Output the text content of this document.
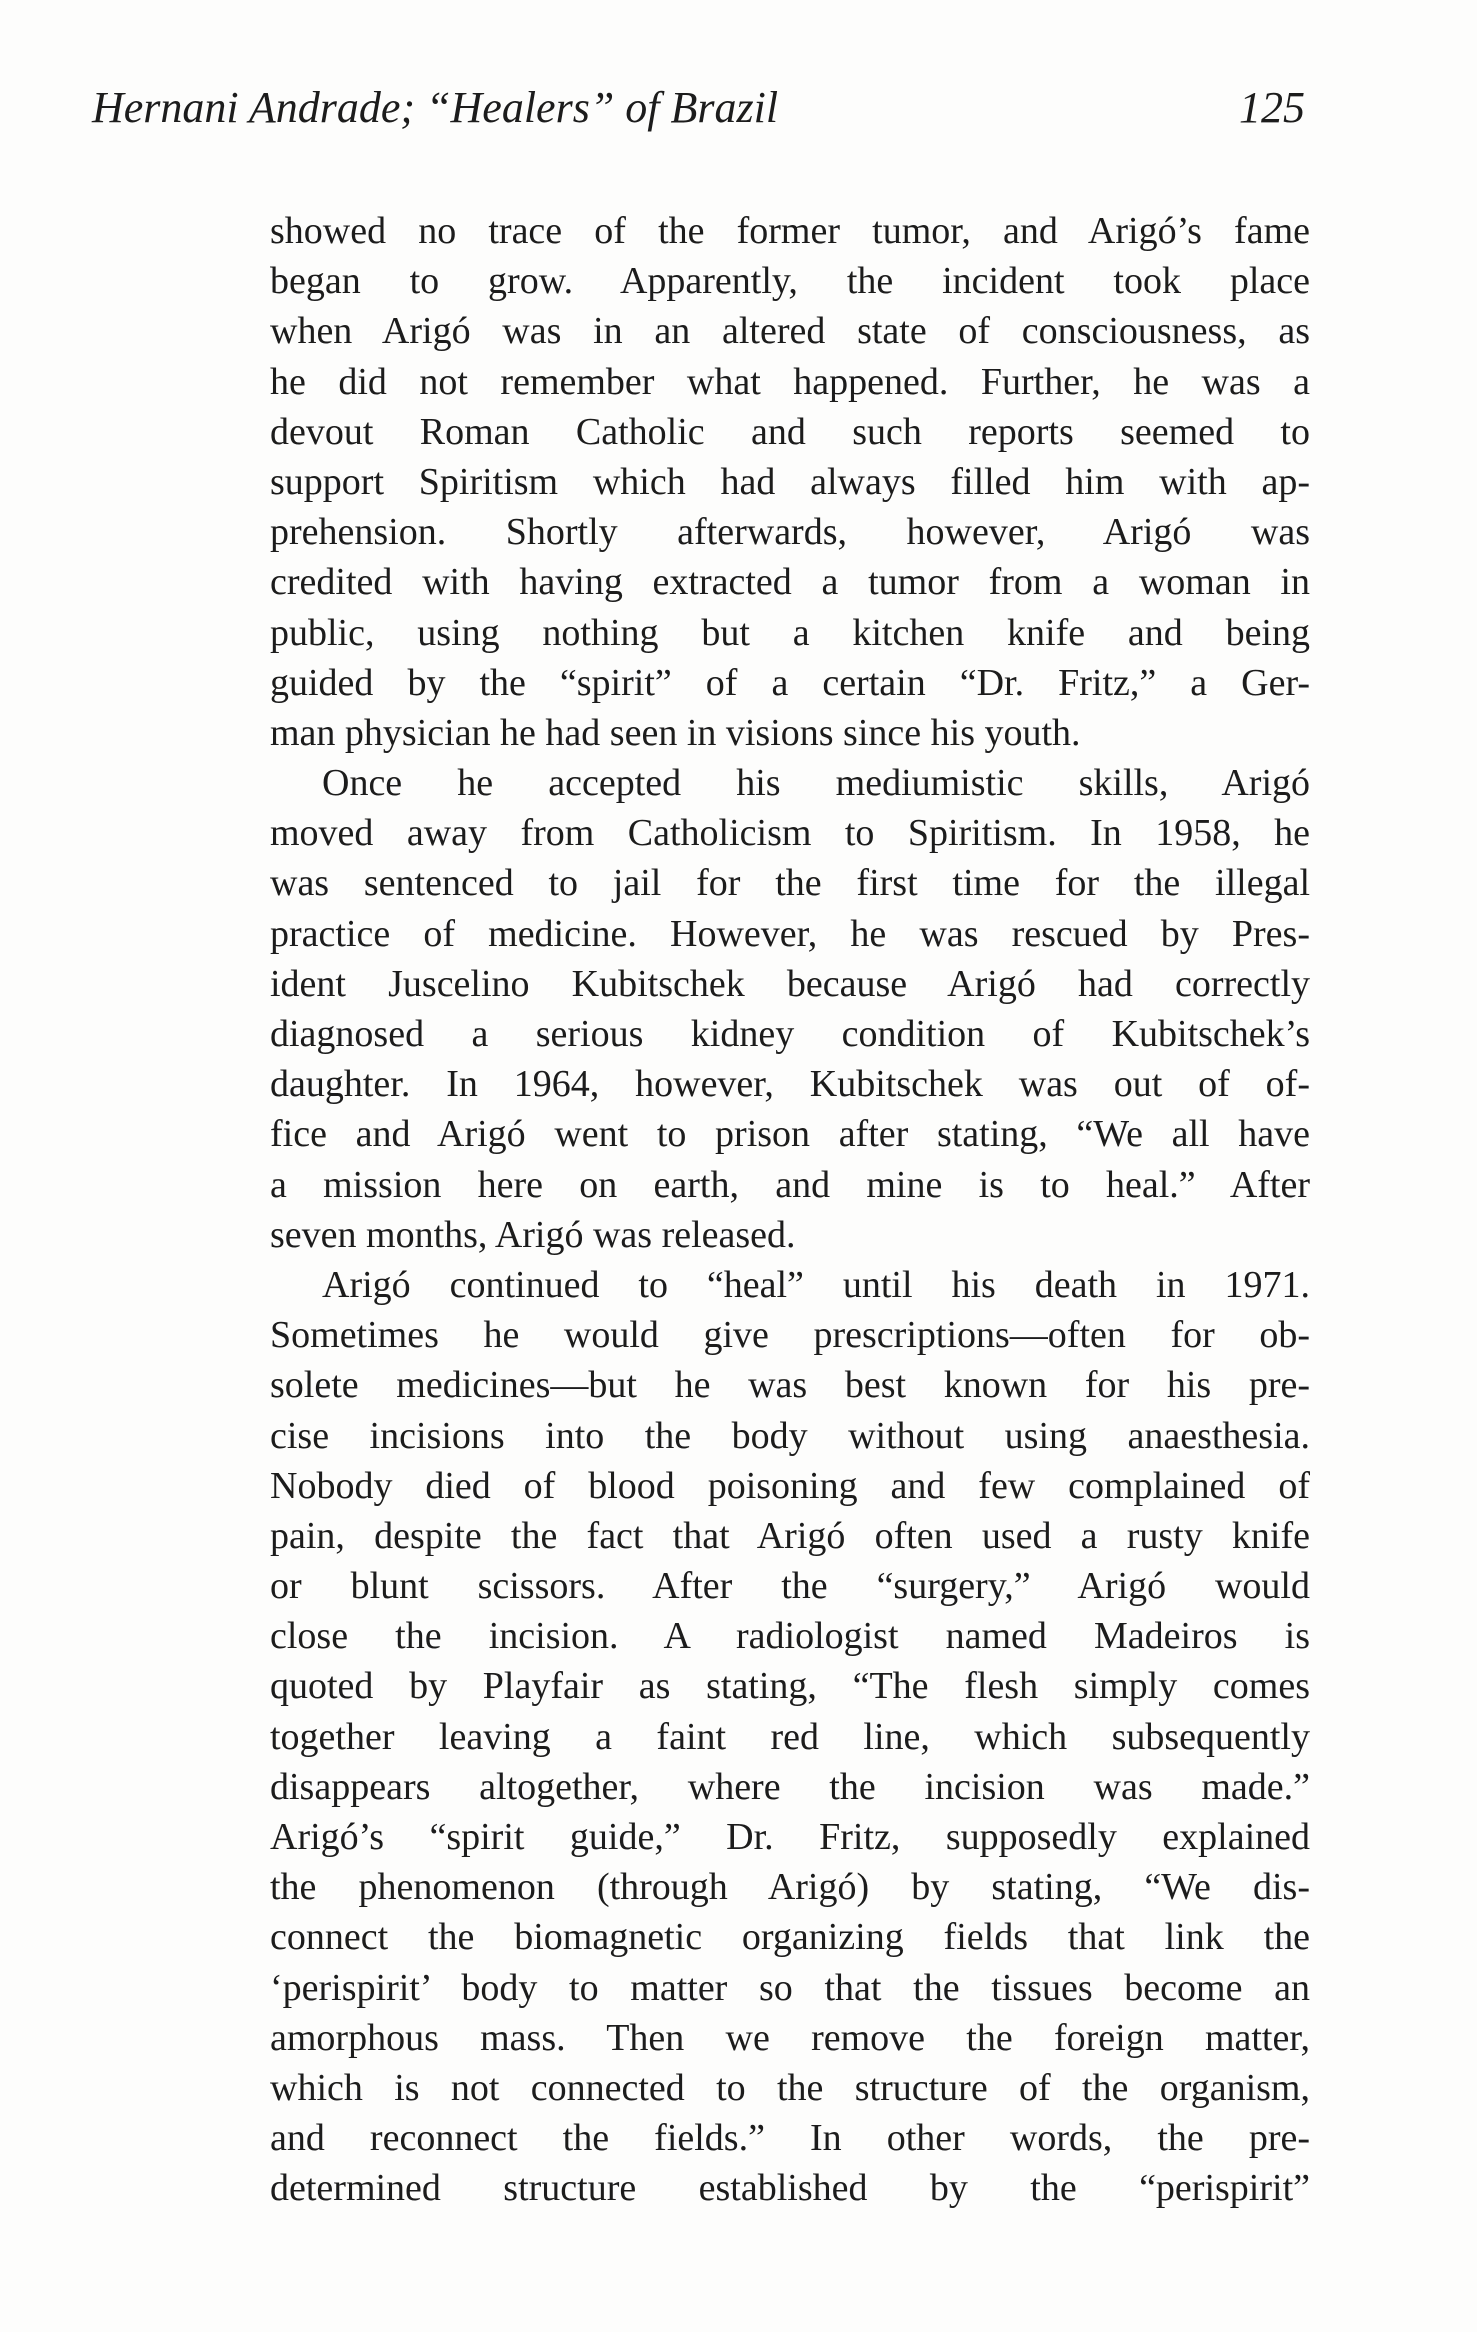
Hernani Andrade; “Healers” of Brazil	125
showed no trace of the former tumor, and Arigó’s fame
began to grow. Apparently, the incident took place
when Arigó was in an altered state of consciousness, as
he did not remember what happened. Further, he was a
devout Roman Catholic and such reports seemed to
support Spiritism which had always filled him with ap-
prehension. Shortly afterwards, however, Arigó was
credited with having extracted a tumor from a woman in
public, using nothing but a kitchen knife and being
guided by the “spirit” of a certain “Dr. Fritz,” a Ger-
man physician he had seen in visions since his youth.
Once he accepted his mediumistic skills, Arigó
moved away from Catholicism to Spiritism. In 1958, he
was sentenced to jail for the first time for the illegal
practice of medicine. However, he was rescued by Pres-
ident Juscelino Kubitschek because Arigó had correctly
diagnosed a serious kidney condition of Kubitschek’s
daughter. In 1964, however, Kubitschek was out of of-
fice and Arigó went to prison after stating, “We all have
a mission here on earth, and mine is to heal.” After
seven months, Arigó was released.
Arigó continued to “heal” until his death in 1971.
Sometimes he would give prescriptions—often for ob-
solete medicines—but he was best known for his pre-
cise incisions into the body without using anaesthesia.
Nobody died of blood poisoning and few complained of
pain, despite the fact that Arigó often used a rusty knife
or blunt scissors. After the “surgery,” Arigó would
close the incision. A radiologist named Madeiros is
quoted by Playfair as stating, “The flesh simply comes
together leaving a faint red line, which subsequently
disappears altogether, where the incision was made.”
Arigó’s “spirit guide,” Dr. Fritz, supposedly explained
the phenomenon (through Arigó) by stating, “We dis-
connect the biomagnetic organizing fields that link the
‘perispirit’ body to matter so that the tissues become an
amorphous mass. Then we remove the foreign matter,
which is not connected to the structure of the organism,
and reconnect the fields.” In other words, the pre-
determined structure established by the “perispirit”
